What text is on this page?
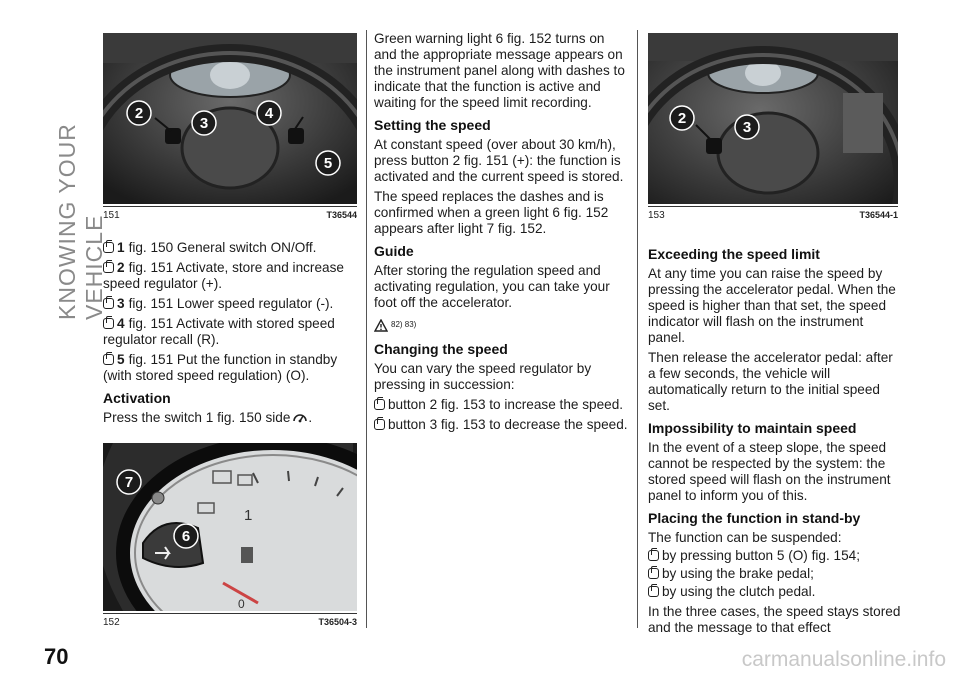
KNOWING YOUR VEHICLE
70	carmanualsonline.info
2
3
4
5
151	T36544
1
0
7
6
152	T36504-3
2
3
153	T36544-1
1 fig. 150 General switch ON/Off.
2 fig. 151 Activate, store and increase speed regulator (+).
3 fig. 151 Lower speed regulator (-).
4 fig. 151 Activate with stored speed regulator recall (R).
5 fig. 151 Put the function in standby (with stored speed regulation) (O).
Activation

Press the switch 1 fig. 150 side .

Green warning light 6 fig. 152 turns on and the appropriate message appears on the instrument panel along with dashes to indicate that the function is active and waiting for the speed limit recording.

Setting the speed

At constant speed (over about 30 km/h), press button 2 fig. 151 (+): the function is activated and the current speed is stored.

The speed replaces the dashes and is confirmed when a green light 6 fig. 152 appears after light 7 fig. 152.

Guide

After storing the regulation speed and activating regulation, you can take your foot off the accelerator.

82) 83)
Changing the speed

You can vary the speed regulator by pressing in succession:

button 2 fig. 153 to increase the speed.
button 3 fig. 153 to decrease the speed.
Exceeding the speed limit

At any time you can raise the speed by pressing the accelerator pedal. When the speed is higher than that set, the speed indicator will flash on the instrument panel.

Then release the accelerator pedal: after a few seconds, the vehicle will automatically return to the initial speed set.

Impossibility to maintain speed

In the event of a steep slope, the speed cannot be respected by the system: the stored speed will flash on the instrument panel to inform you of this.

Placing the function in stand-by

The function can be suspended:

by pressing button 5 (O) fig. 154;
by using the brake pedal;
by using the clutch pedal.

In the three cases, the speed stays stored and the message to that effect
